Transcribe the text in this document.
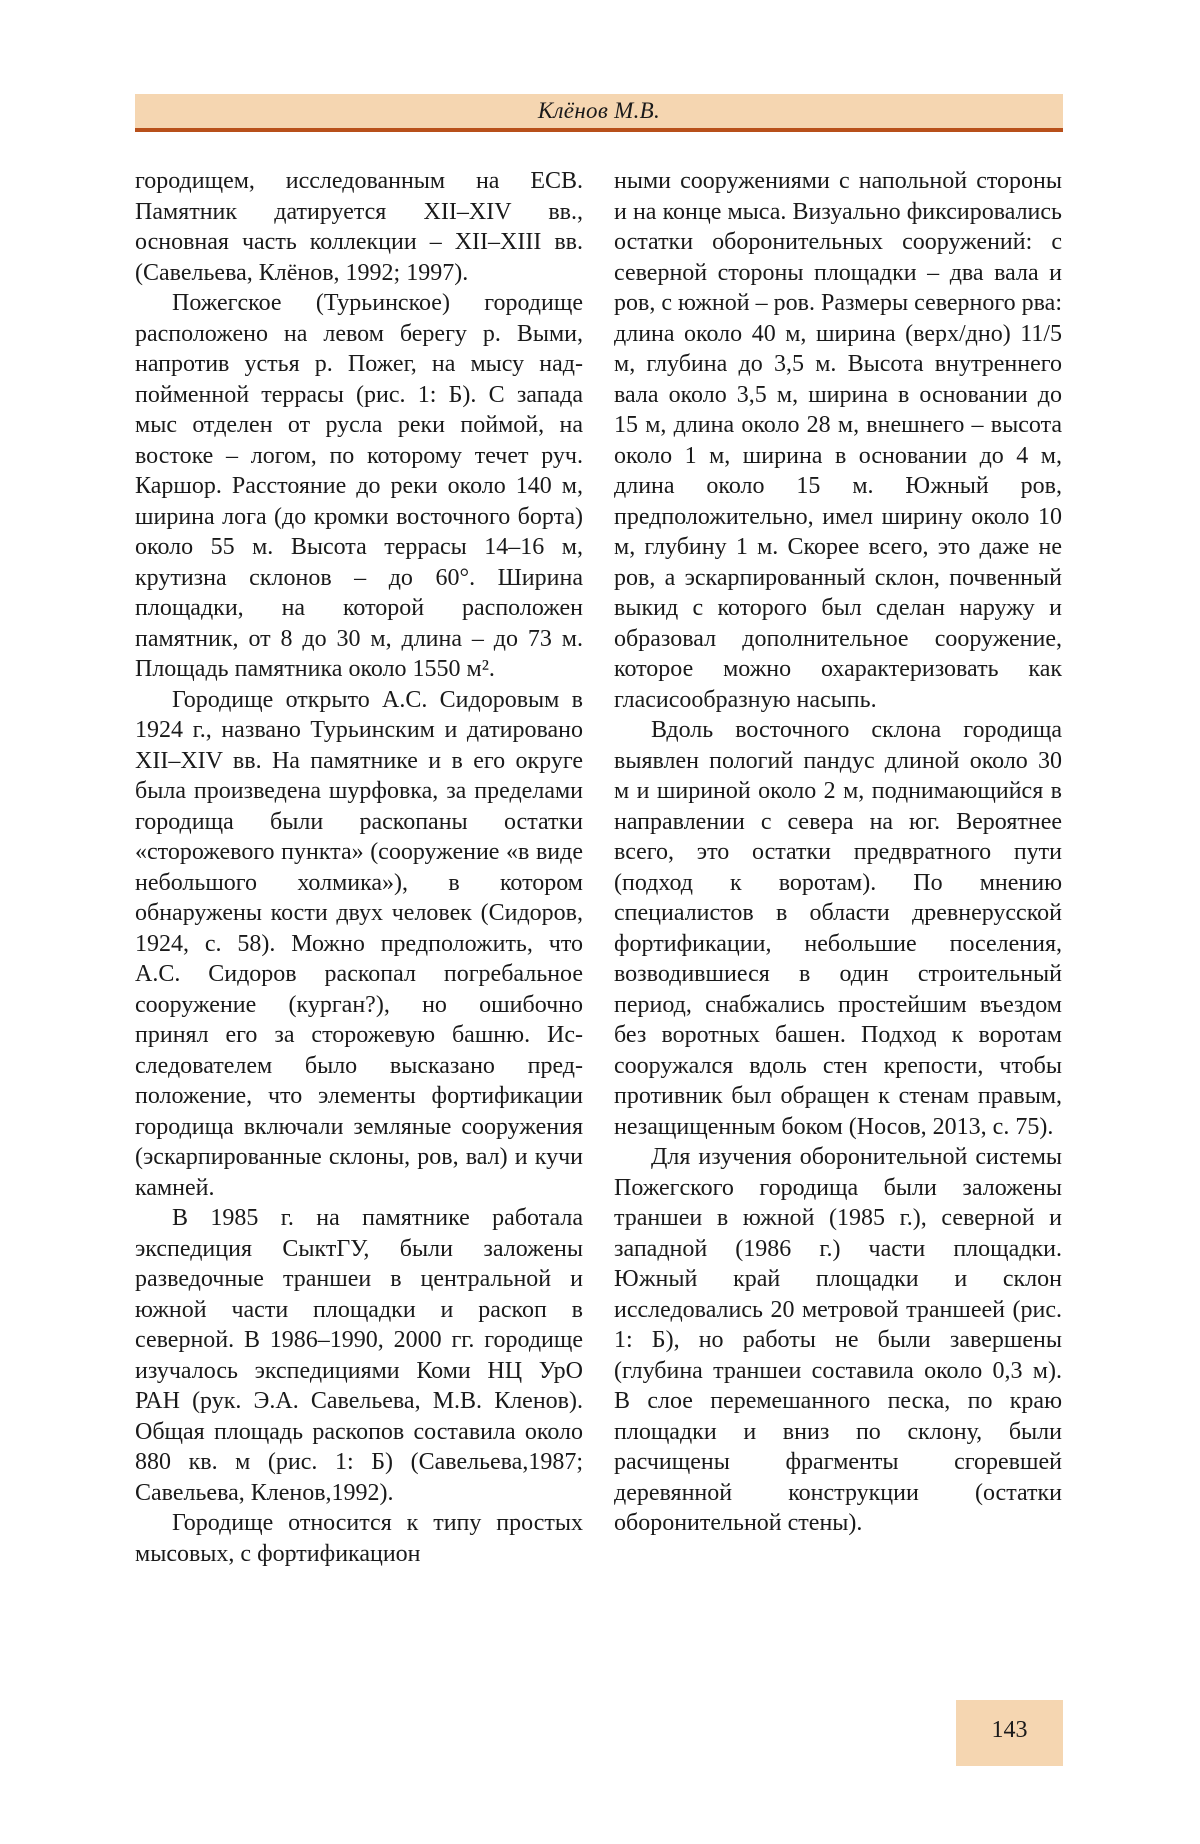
Клёнов М.В.

городищем, исследованным на ЕСВ. Памятник датируется XII–XIV вв., основная часть коллекции – XII–XIII вв. (Савельева, Клёнов, 1992; 1997).

Пожегское (Турьинское) городище расположено на левом берегу р. Выми, напротив устья р. Пожег, на мысу надпойменной террасы (рис. 1: Б). С запада мыс отделен от русла реки поймой, на востоке – логом, по которому течет руч. Каршор. Расстояние до реки около 140 м, ширина лога (до кромки восточного борта) около 55 м. Высота террасы 14–16 м, крутизна склонов – до 60°. Ширина площадки, на которой расположен памятник, от 8 до 30 м, длина – до 73 м. Площадь памятника около 1550 м².

Городище открыто А.С. Сидоровым в 1924 г., названо Турьинским и датировано XII–XIV вв. На памятнике и в его округе была произведена шурфовка, за пределами городища были раскопаны остатки «сторожевого пункта» (сооружение «в виде небольшого холмика»), в котором обнаружены кости двух человек (Сидоров, 1924, с. 58). Можно предположить, что А.С. Сидоров раскопал погребальное сооружение (курган?), но ошибочно принял его за сторожевую башню. Исследователем было высказано предположение, что элементы фортификации городища включали земляные сооружения (эскарпированные склоны, ров, вал) и кучи камней.

В 1985 г. на памятнике работала экспедиция СыктГУ, были заложены разведочные траншеи в центральной и южной части площадки и раскоп в северной. В 1986–1990, 2000 гг. городище изучалось экспедициями Коми НЦ УрО РАН (рук. Э.А. Савельева, М.В. Кленов). Общая площадь раскопов составила около 880 кв. м (рис. 1: Б) (Савельева,1987; Савельева, Кленов,1992).

Городище относится к типу простых мысовых, с фортификацион

ными сооружениями с напольной стороны и на конце мыса. Визуально фиксировались остатки оборонительных сооружений: с северной стороны площадки – два вала и ров, с южной – ров. Размеры северного рва: длина около 40 м, ширина (верх/дно) 11/5 м, глубина до 3,5 м. Высота внутреннего вала около 3,5 м, ширина в основании до 15 м, длина около 28 м, внешнего – высота около 1 м, ширина в основании до 4 м, длина около 15 м. Южный ров, предположительно, имел ширину около 10 м, глубину 1 м. Скорее всего, это даже не ров, а эскарпированный склон, почвенный выкид с которого был сделан наружу и образовал дополнительное сооружение, которое можно охарактеризовать как гласисообразную насыпь.

Вдоль восточного склона городища выявлен пологий пандус длиной около 30 м и шириной около 2 м, поднимающийся в направлении с севера на юг. Вероятнее всего, это остатки предвратного пути (подход к воротам). По мнению специалистов в области древнерусской фортификации, небольшие поселения, возводившиеся в один строительный период, снабжались простейшим въездом без воротных башен. Подход к воротам сооружался вдоль стен крепости, чтобы противник был обращен к стенам правым, незащищенным боком (Носов, 2013, с. 75).

Для изучения оборонительной системы Пожегского городища были заложены траншеи в южной (1985 г.), северной и западной (1986 г.) части площадки. Южный край площадки и склон исследовались 20 метровой траншеей (рис. 1: Б), но работы не были завершены (глубина траншеи составила около 0,3 м). В слое перемешанного песка, по краю площадки и вниз по склону, были расчищены фрагменты сгоревшей деревянной конструкции (остатки оборонительной стены).

143
